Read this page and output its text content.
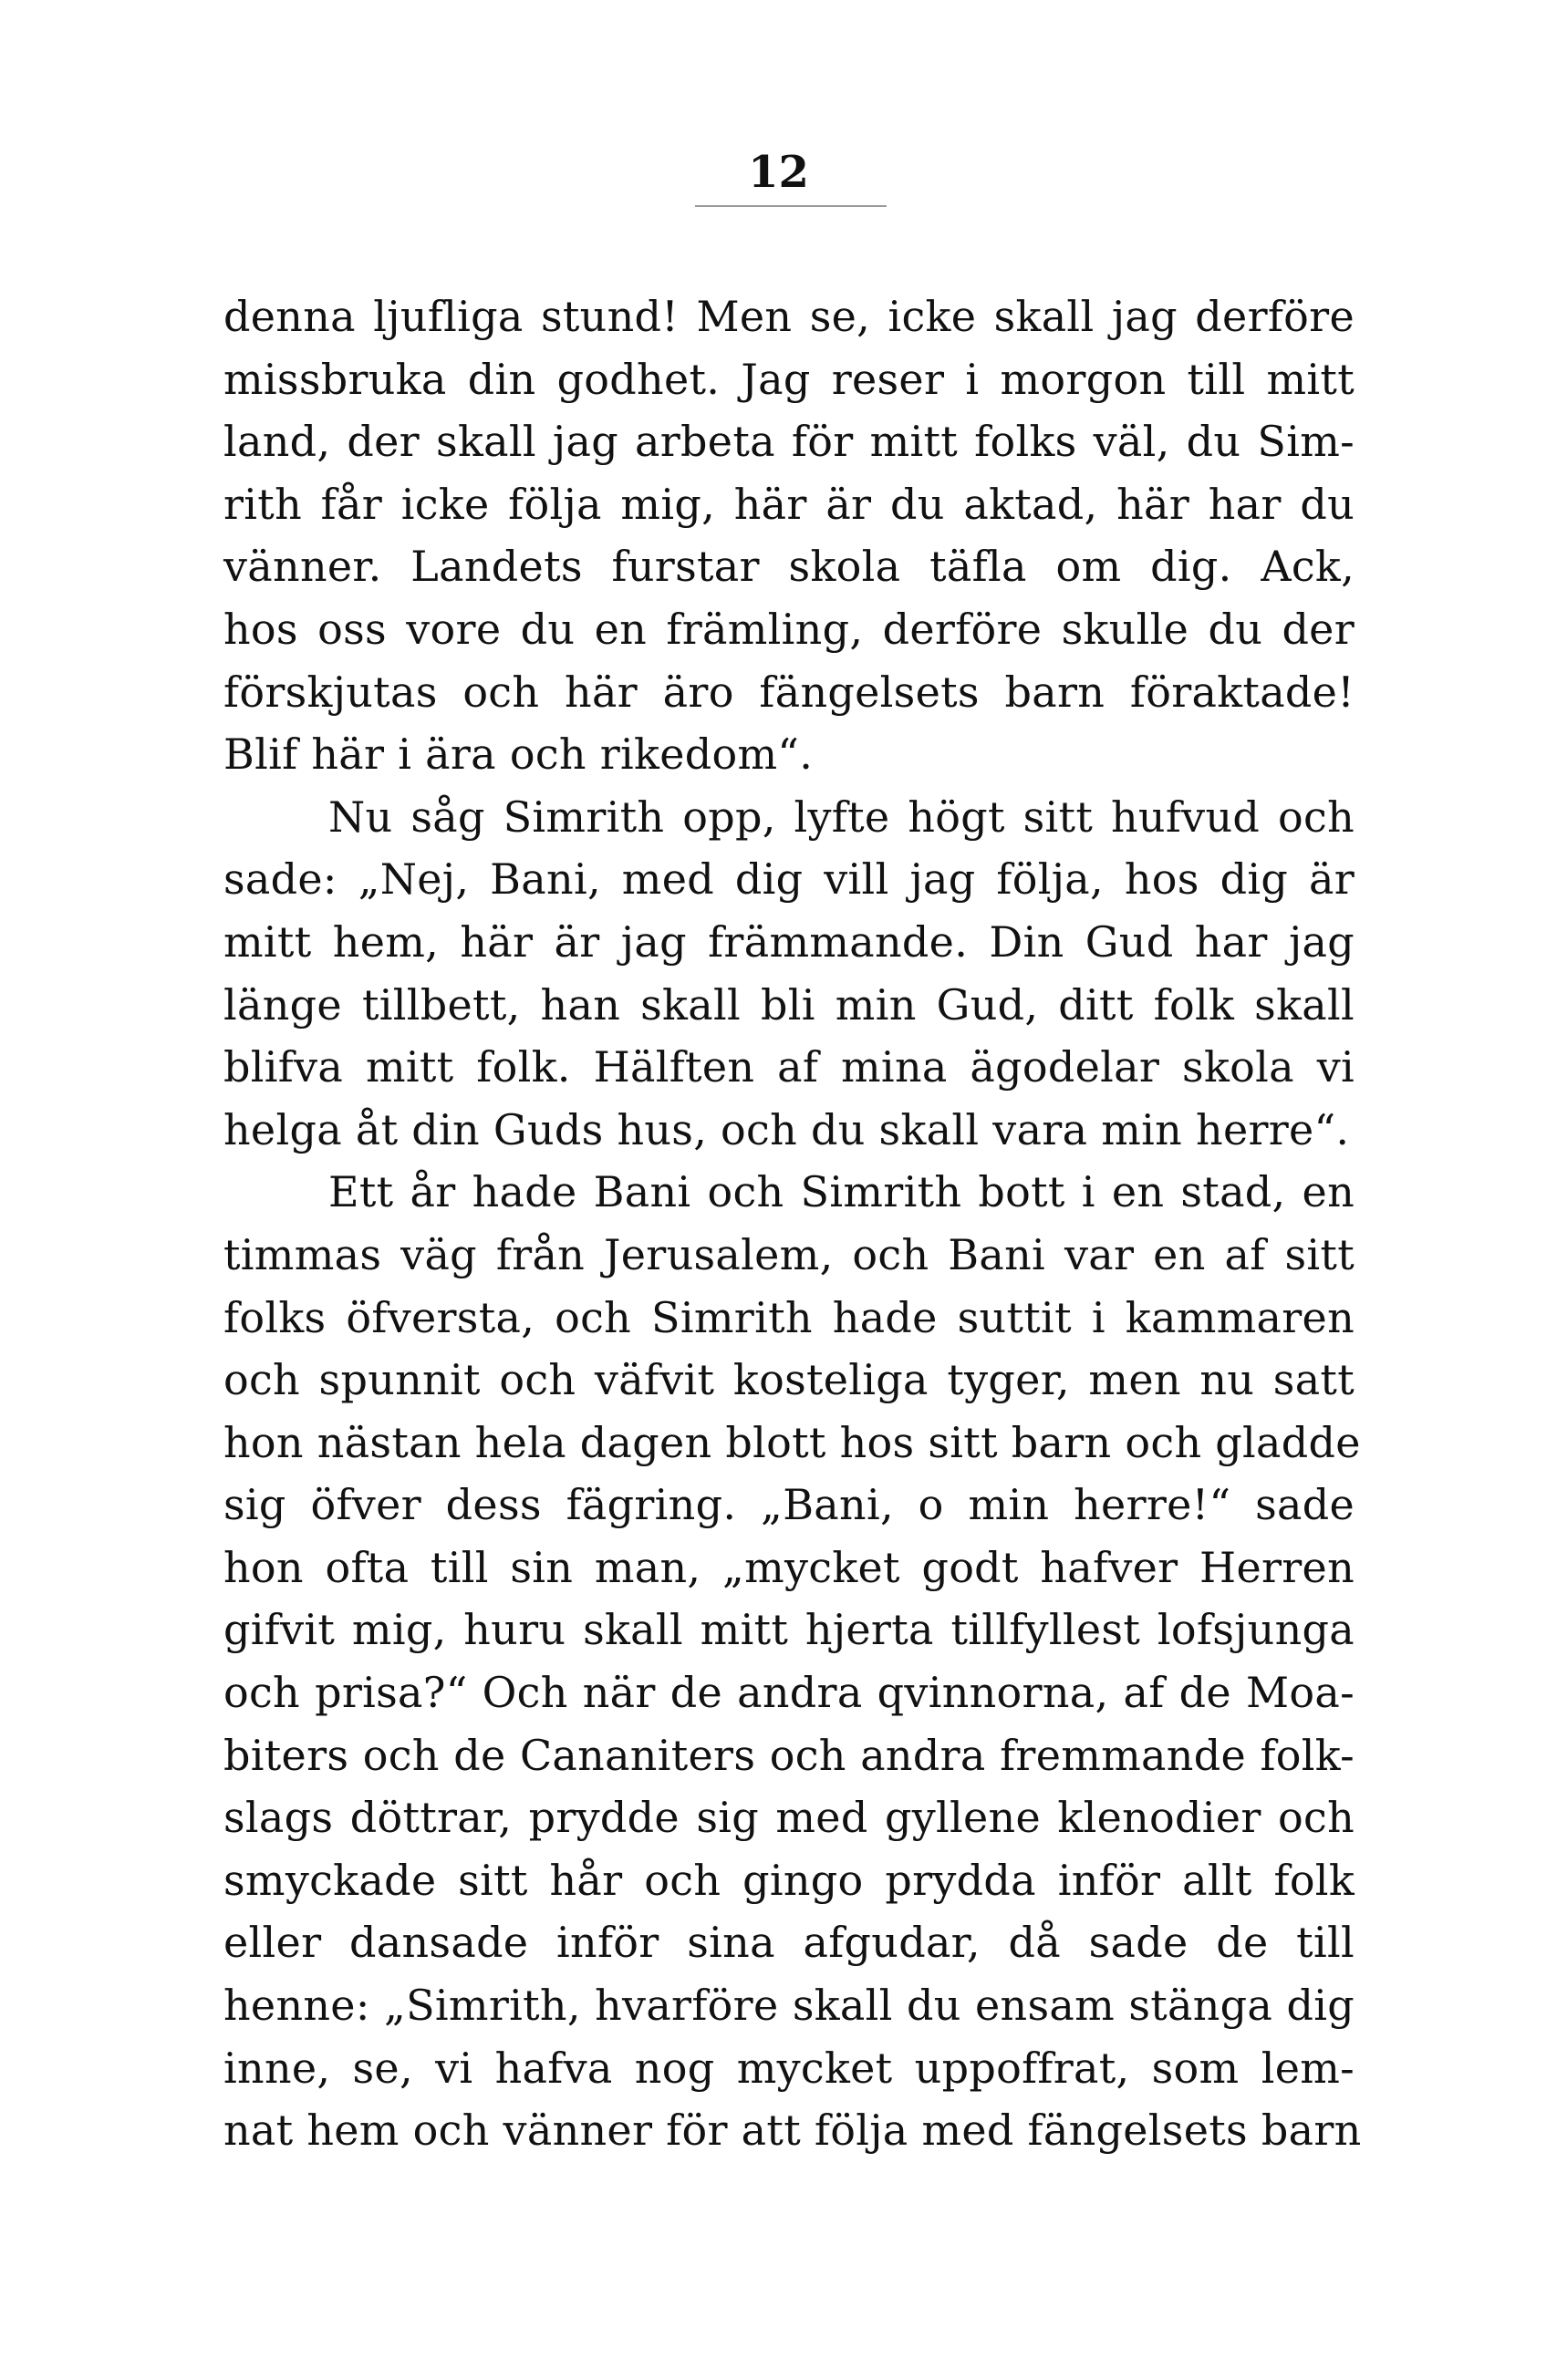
12
denna ljufliga stund! Men se, icke skall jag derföre
missbruka din godhet. Jag reser i morgon till mitt
land, der skall jag arbeta för mitt folks väl, du Sim-
rith får icke följa mig, här är du aktad, här har du
vänner. Landets furstar skola täfla om dig. Ack,
hos oss vore du en främling, derföre skulle du der
förskjutas och här äro fängelsets barn föraktade!
Blif här i ära och rikedom“.
Nu såg Simrith opp, lyfte högt sitt hufvud och
sade: „Nej, Bani, med dig vill jag följa, hos dig är
mitt hem, här är jag främmande. Din Gud har jag
länge tillbett, han skall bli min Gud, ditt folk skall
blifva mitt folk. Hälften af mina ägodelar skola vi
helga åt din Guds hus, och du skall vara min herre“.
Ett år hade Bani och Simrith bott i en stad, en
timmas väg från Jerusalem, och Bani var en af sitt
folks öfversta, och Simrith hade suttit i kammaren
och spunnit och väfvit kosteliga tyger, men nu satt
hon nästan hela dagen blott hos sitt barn och gladde
sig öfver dess fägring. „Bani, o min herre!“ sade
hon ofta till sin man, „mycket godt hafver Herren
gifvit mig, huru skall mitt hjerta tillfyllest lofsjunga
och prisa?“ Och när de andra qvinnorna, af de Moa-
biters och de Cananiters och andra fremmande folk-
slags döttrar, prydde sig med gyllene klenodier och
smyckade sitt hår och gingo prydda inför allt folk
eller dansade inför sina afgudar, då sade de till
henne: „Simrith, hvarföre skall du ensam stänga dig
inne, se, vi hafva nog mycket uppoffrat, som lem-
nat hem och vänner för att följa med fängelsets barn
